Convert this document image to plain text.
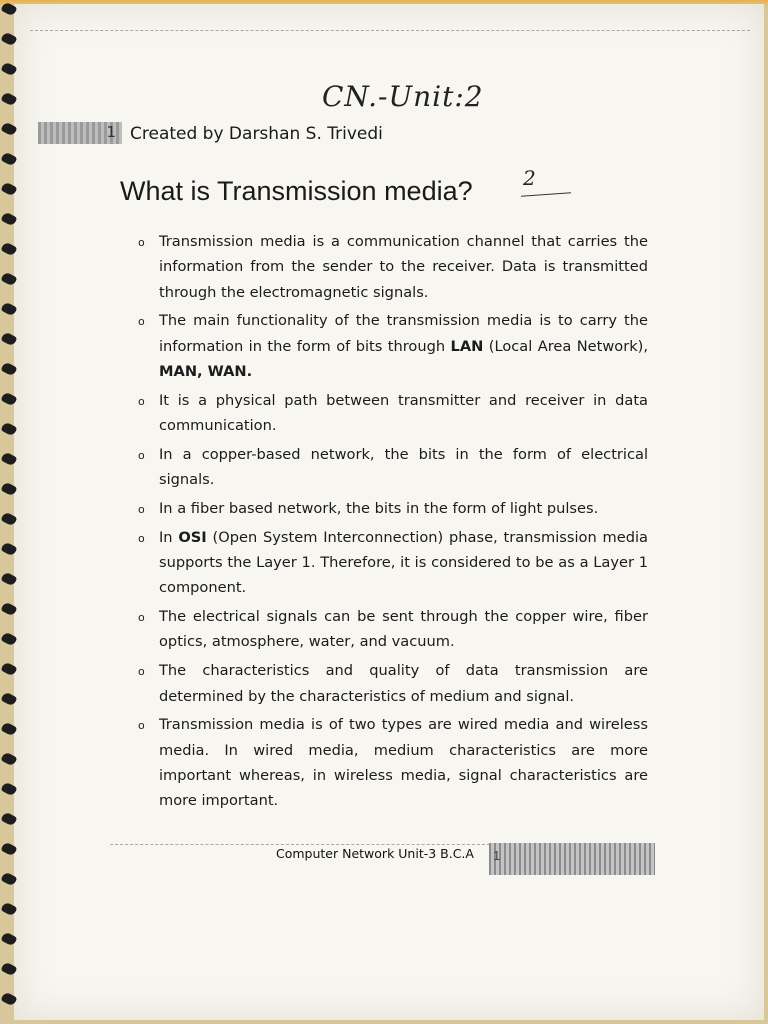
CN.-Unit:2
1 Created by Darshan S. Trivedi
What is Transmission media?	2
o Transmission media is a communication channel that carries the information from the sender to the receiver. Data is transmitted through the electromagnetic signals.
o The main functionality of the transmission media is to carry the information in the form of bits through LAN (Local Area Network), MAN, WAN.
o It is a physical path between transmitter and receiver in data communication.
o In a copper-based network, the bits in the form of electrical signals.
o In a fiber based network, the bits in the form of light pulses.
o In OSI (Open System Interconnection) phase, transmission media supports the Layer 1. Therefore, it is considered to be as a Layer 1 component.
o The electrical signals can be sent through the copper wire, fiber optics, atmosphere, water, and vacuum.
o The characteristics and quality of data transmission are determined by the characteristics of medium and signal.
o Transmission media is of two types are wired media and wireless media. In wired media, medium characteristics are more important whereas, in wireless media, signal characteristics are more important.
Computer Network Unit-3 B.C.A 1
